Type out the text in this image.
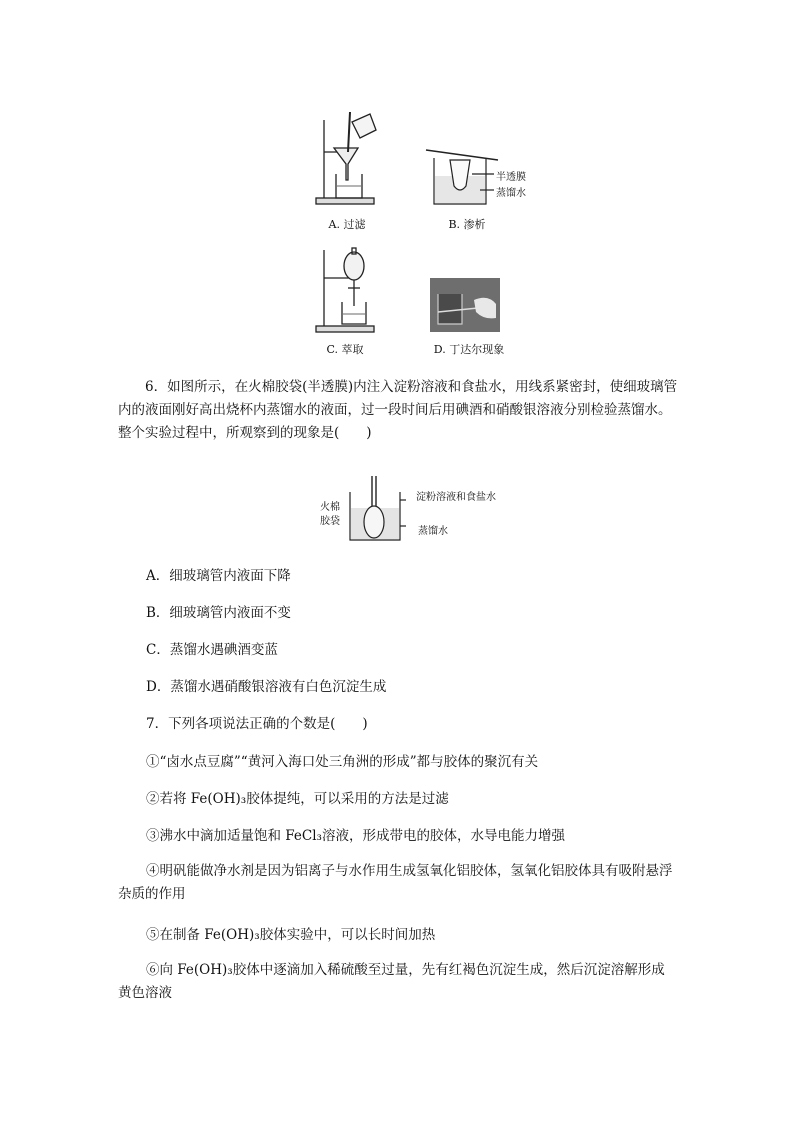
A. 过滤
半透膜
蒸馏水
B. 渗析
C. 萃取	D. 丁达尔现象
6．如图所示，在火棉胶袋(半透膜)内注入淀粉溶液和食盐水，用线系紧密封，使细玻璃管内的液面刚好高出烧杯内蒸馏水的液面，过一段时间后用碘酒和硝酸银溶液分别检验蒸馏水。整个实验过程中，所观察到的现象是(　　)
火棉
胶袋
淀粉溶液和食盐水
蒸馏水
A．细玻璃管内液面下降
B．细玻璃管内液面不变
C．蒸馏水遇碘酒变蓝
D．蒸馏水遇硝酸银溶液有白色沉淀生成
7．下列各项说法正确的个数是(　　)
①“卤水点豆腐”“黄河入海口处三角洲的形成”都与胶体的聚沉有关
②若将 Fe(OH)₃胶体提纯，可以采用的方法是过滤
③沸水中滴加适量饱和 FeCl₃溶液，形成带电的胶体，水导电能力增强
④明矾能做净水剂是因为铝离子与水作用生成氢氧化铝胶体，氢氧化铝胶体具有吸附悬浮杂质的作用
⑤在制备 Fe(OH)₃胶体实验中，可以长时间加热
⑥向 Fe(OH)₃胶体中逐滴加入稀硫酸至过量，先有红褐色沉淀生成，然后沉淀溶解形成黄色溶液
